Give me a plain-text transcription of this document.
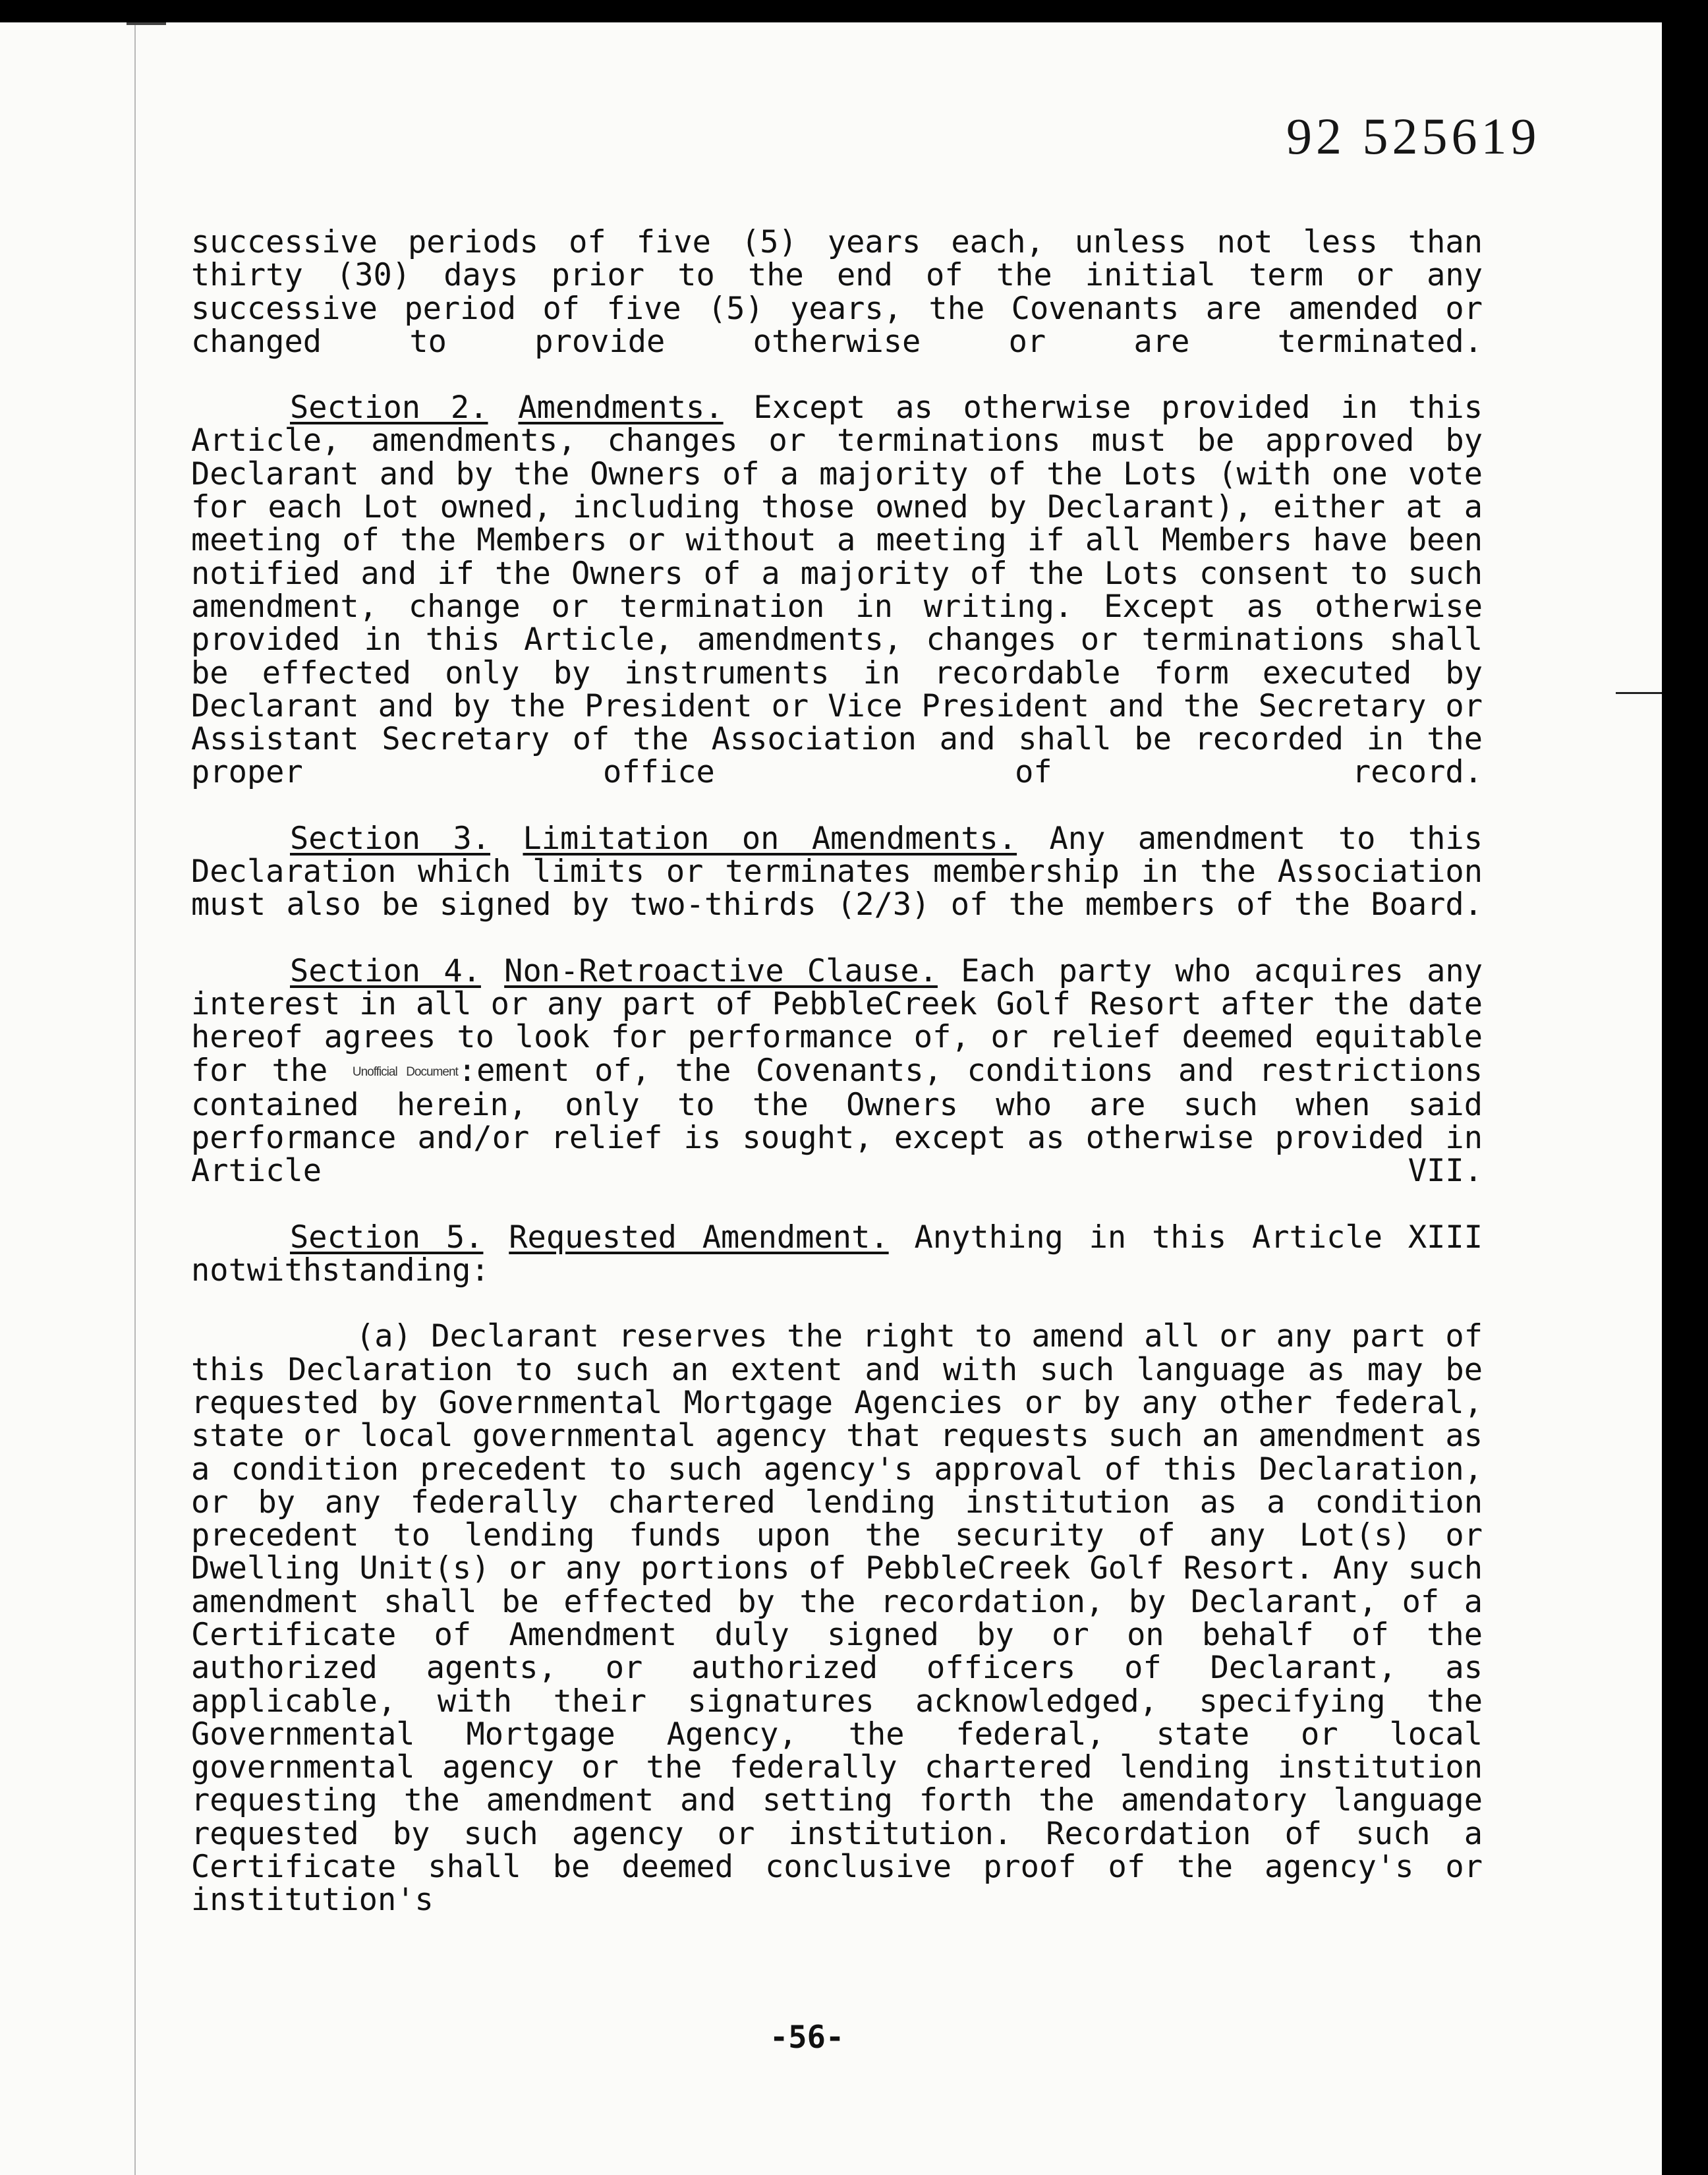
92 525619

successive periods of five (5) years each, unless not less than thirty (30) days prior to the end of the initial term or any successive period of five (5) years, the Covenants are amended or changed to provide otherwise or are terminated.

Section 2. Amendments. Except as otherwise provided in this Article, amendments, changes or terminations must be approved by Declarant and by the Owners of a majority of the Lots (with one vote for each Lot owned, including those owned by Declarant), either at a meeting of the Members or without a meeting if all Members have been notified and if the Owners of a majority of the Lots consent to such amendment, change or termination in writing. Except as otherwise provided in this Article, amendments, changes or terminations shall be effected only by instruments in recordable form executed by Declarant and by the President or Vice President and the Secretary or Assistant Secretary of the Association and shall be recorded in the proper office of record.

Section 3. Limitation on Amendments. Any amendment to this Declaration which limits or terminates membership in the Association must also be signed by two-thirds (2/3) of the members of the Board.

Section 4. Non-Retroactive Clause. Each party who acquires any interest in all or any part of PebbleCreek Golf Resort after the date hereof agrees to look for performance of, or relief deemed equitable for the Unofficial Document:ement of, the Covenants, conditions and restrictions contained herein, only to the Owners who are such when said performance and/or relief is sought, except as otherwise provided in Article VII.

Section 5. Requested Amendment. Anything in this Article XIII notwithstanding:

(a) Declarant reserves the right to amend all or any part of this Declaration to such an extent and with such language as may be requested by Governmental Mortgage Agencies or by any other federal, state or local governmental agency that requests such an amendment as a condition precedent to such agency's approval of this Declaration, or by any federally chartered lending institution as a condition precedent to lending funds upon the security of any Lot(s) or Dwelling Unit(s) or any portions of PebbleCreek Golf Resort. Any such amendment shall be effected by the recordation, by Declarant, of a Certificate of Amendment duly signed by or on behalf of the authorized agents, or authorized officers of Declarant, as applicable, with their signatures acknowledged, specifying the Governmental Mortgage Agency, the federal, state or local governmental agency or the federally chartered lending institution requesting the amendment and setting forth the amendatory language requested by such agency or institution. Recordation of such a Certificate shall be deemed conclusive proof of the agency's or institution's

-56-
